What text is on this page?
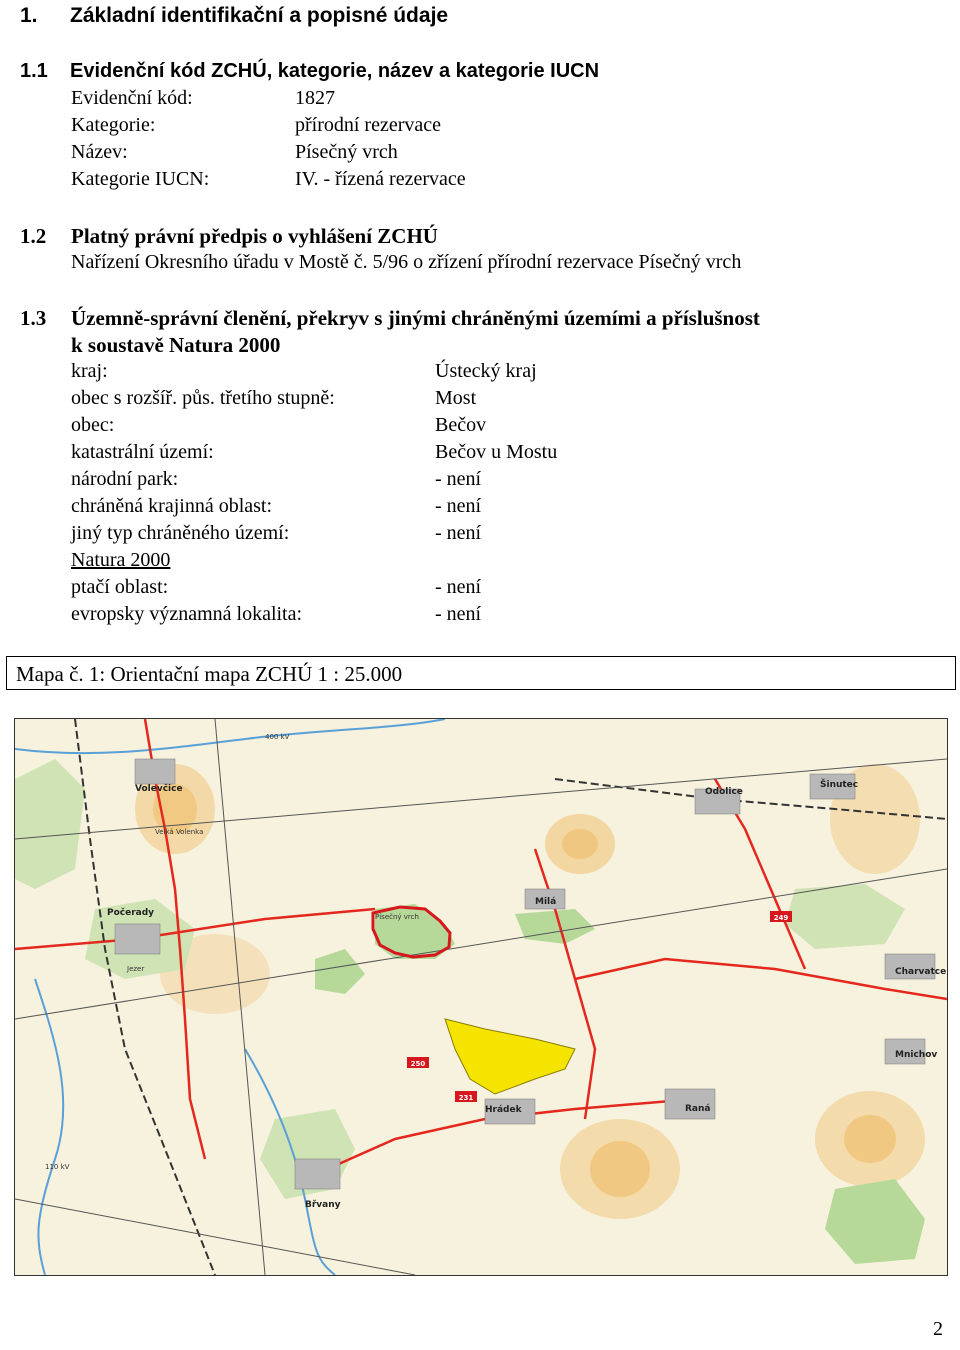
1. Základní identifikační a popisné údaje
1.1 Evidenční kód ZCHÚ, kategorie, název a kategorie IUCN
Evidenční kód:	1827
Kategorie:	přírodní rezervace
Název:	Písečný vrch
Kategorie IUCN:	IV. - řízená rezervace
1.2 Platný právní předpis o vyhlášení ZCHÚ
Nařízení Okresního úřadu v Mostě č. 5/96 o zřízení přírodní rezervace Písečný vrch
1.3 Územně-správní členění, překryv s jinými chráněnými územími a příslušnost
k soustavě Natura 2000
kraj:	Ústecký kraj
obec s rozšíř. půs. třetího stupně:	Most
obec:	Bečov
katastrální území:	Bečov u Mostu
národní park:	- není
chráněná krajinná oblast:	- není
jiný typ chráněného území:	- není
Natura 2000
ptačí oblast:	- není
evropsky významná lokalita:	- není
Mapa č. 1: Orientační mapa ZCHÚ 1 : 25.000
250
249
231
Volevčice
Počerady
Břvany
Hrádek	Raná
Milá
Odolice
Šinutec
Charvatce
Mnichov
Písečný vrch
Velká Volenka
Jezer
110 kV
400 kV
2
